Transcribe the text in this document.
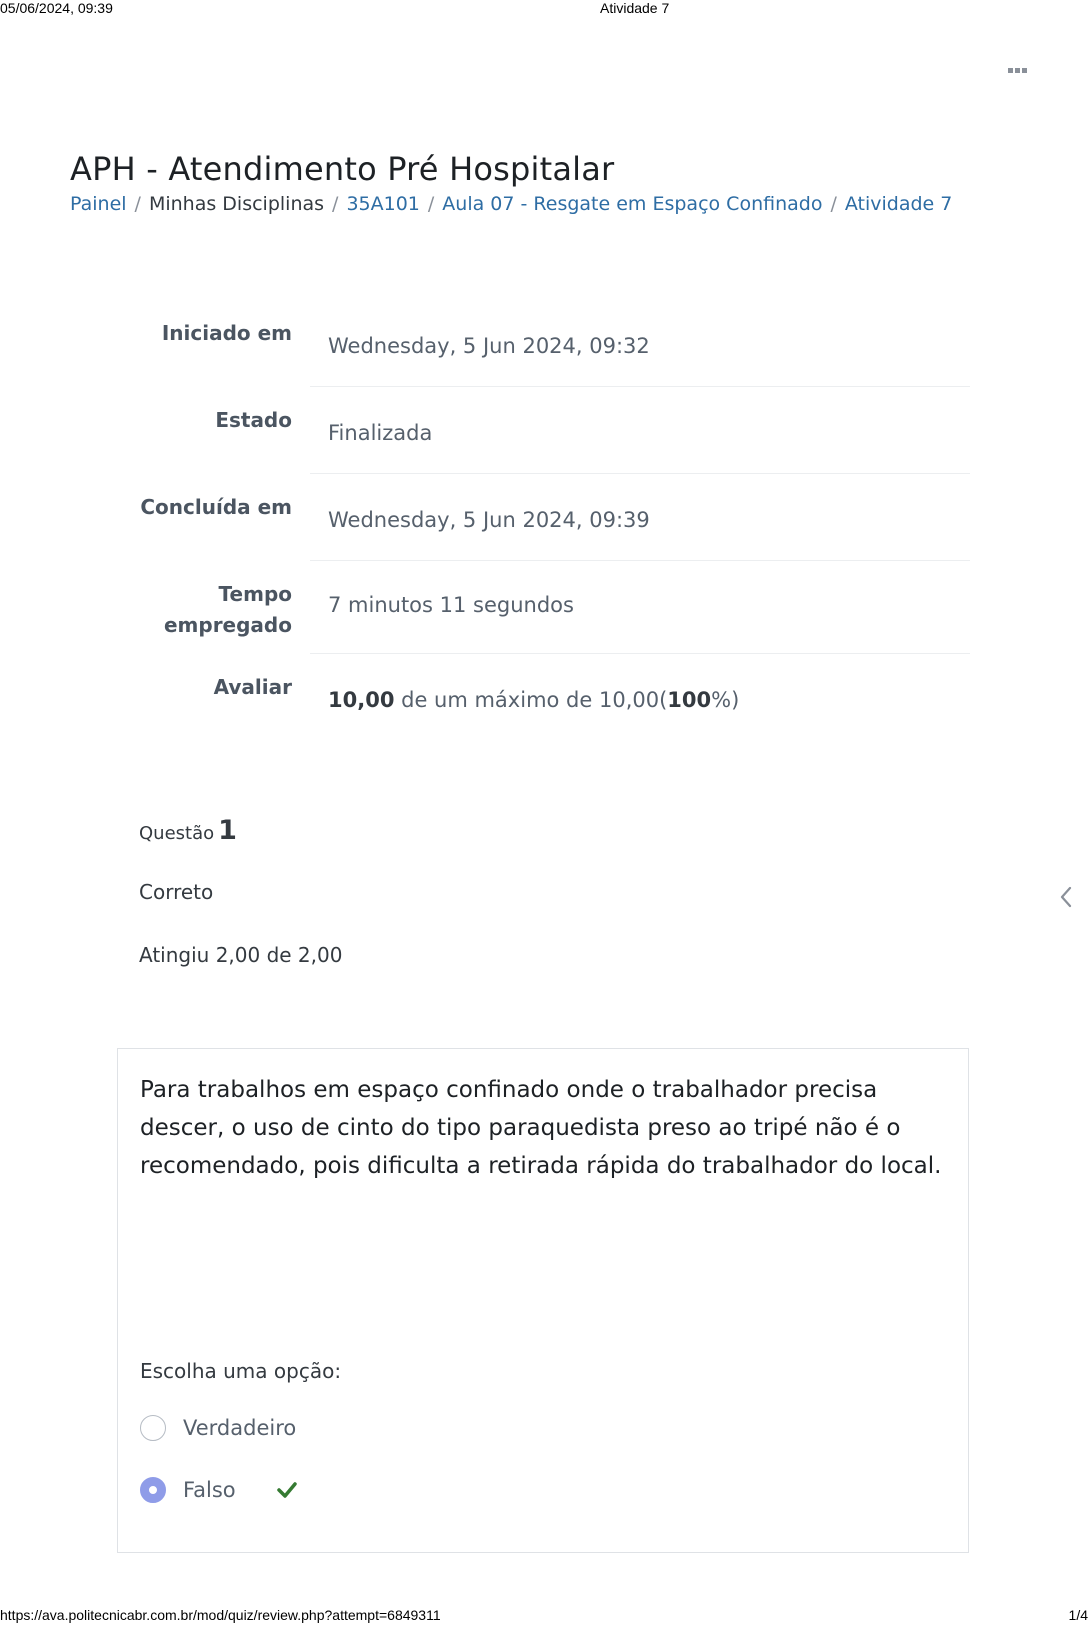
05/06/2024, 09:39	Atividade 7
APH - Atendimento Pré Hospitalar
Painel / Minhas Disciplinas / 35A101 / Aula 07 - Resgate em Espaço Confinado / Atividade 7
Iniciado em
Wednesday, 5 Jun 2024, 09:32
Estado
Finalizada
Concluída em
Wednesday, 5 Jun 2024, 09:39
Tempo
empregado
7 minutos 11 segundos
Avaliar
10,00 de um máximo de 10,00(100%)
Questão 1
Correto
Atingiu 2,00 de 2,00

Para trabalhos em espaço confinado onde o trabalhador precisa descer, o uso de cinto do tipo paraquedista preso ao tripé não é o recomendado, pois dificulta a retirada rápida do trabalhador do local.

Escolha uma opção:
Verdadeiro
Falso
https://ava.politecnicabr.com.br/mod/quiz/review.php?attempt=6849311	1/4
